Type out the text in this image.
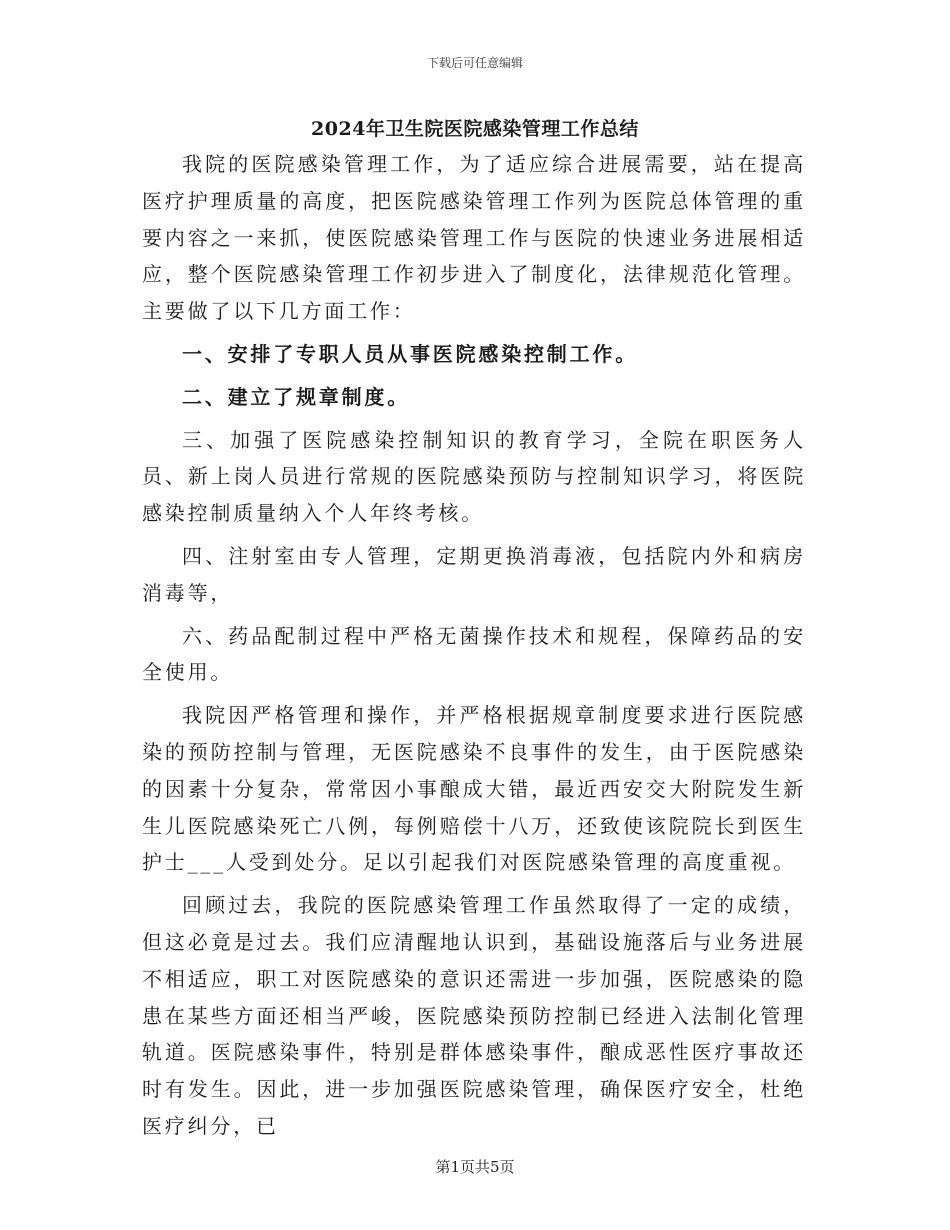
下载后可任意编辑
2024年卫生院医院感染管理工作总结

我院的医院感染管理工作，为了适应综合进展需要，站在提高医疗护理质量的高度，把医院感染管理工作列为医院总体管理的重要内容之一来抓，使医院感染管理工作与医院的快速业务进展相适应，整个医院感染管理工作初步进入了制度化，法律规范化管理。主要做了以下几方面工作：

一、安排了专职人员从事医院感染控制工作。

二、建立了规章制度。

三、加强了医院感染控制知识的教育学习，全院在职医务人员、新上岗人员进行常规的医院感染预防与控制知识学习，将医院感染控制质量纳入个人年终考核。

四、注射室由专人管理，定期更换消毒液，包括院内外和病房消毒等，

六、药品配制过程中严格无菌操作技术和规程，保障药品的安全使用。

我院因严格管理和操作，并严格根据规章制度要求进行医院感染的预防控制与管理，无医院感染不良事件的发生，由于医院感染的因素十分复杂，常常因小事酿成大错，最近西安交大附院发生新生儿医院感染死亡八例，每例赔偿十八万，还致使该院院长到医生护士___人受到处分。足以引起我们对医院感染管理的高度重视。

回顾过去，我院的医院感染管理工作虽然取得了一定的成绩，但这必竟是过去。我们应清醒地认识到，基础设施落后与业务进展不相适应，职工对医院感染的意识还需进一步加强，医院感染的隐患在某些方面还相当严峻，医院感染预防控制已经进入法制化管理轨道。医院感染事件，特别是群体感染事件，酿成恶性医疗事故还时有发生。因此，进一步加强医院感染管理，确保医疗安全，杜绝医疗纠分，已

第1页共5页
